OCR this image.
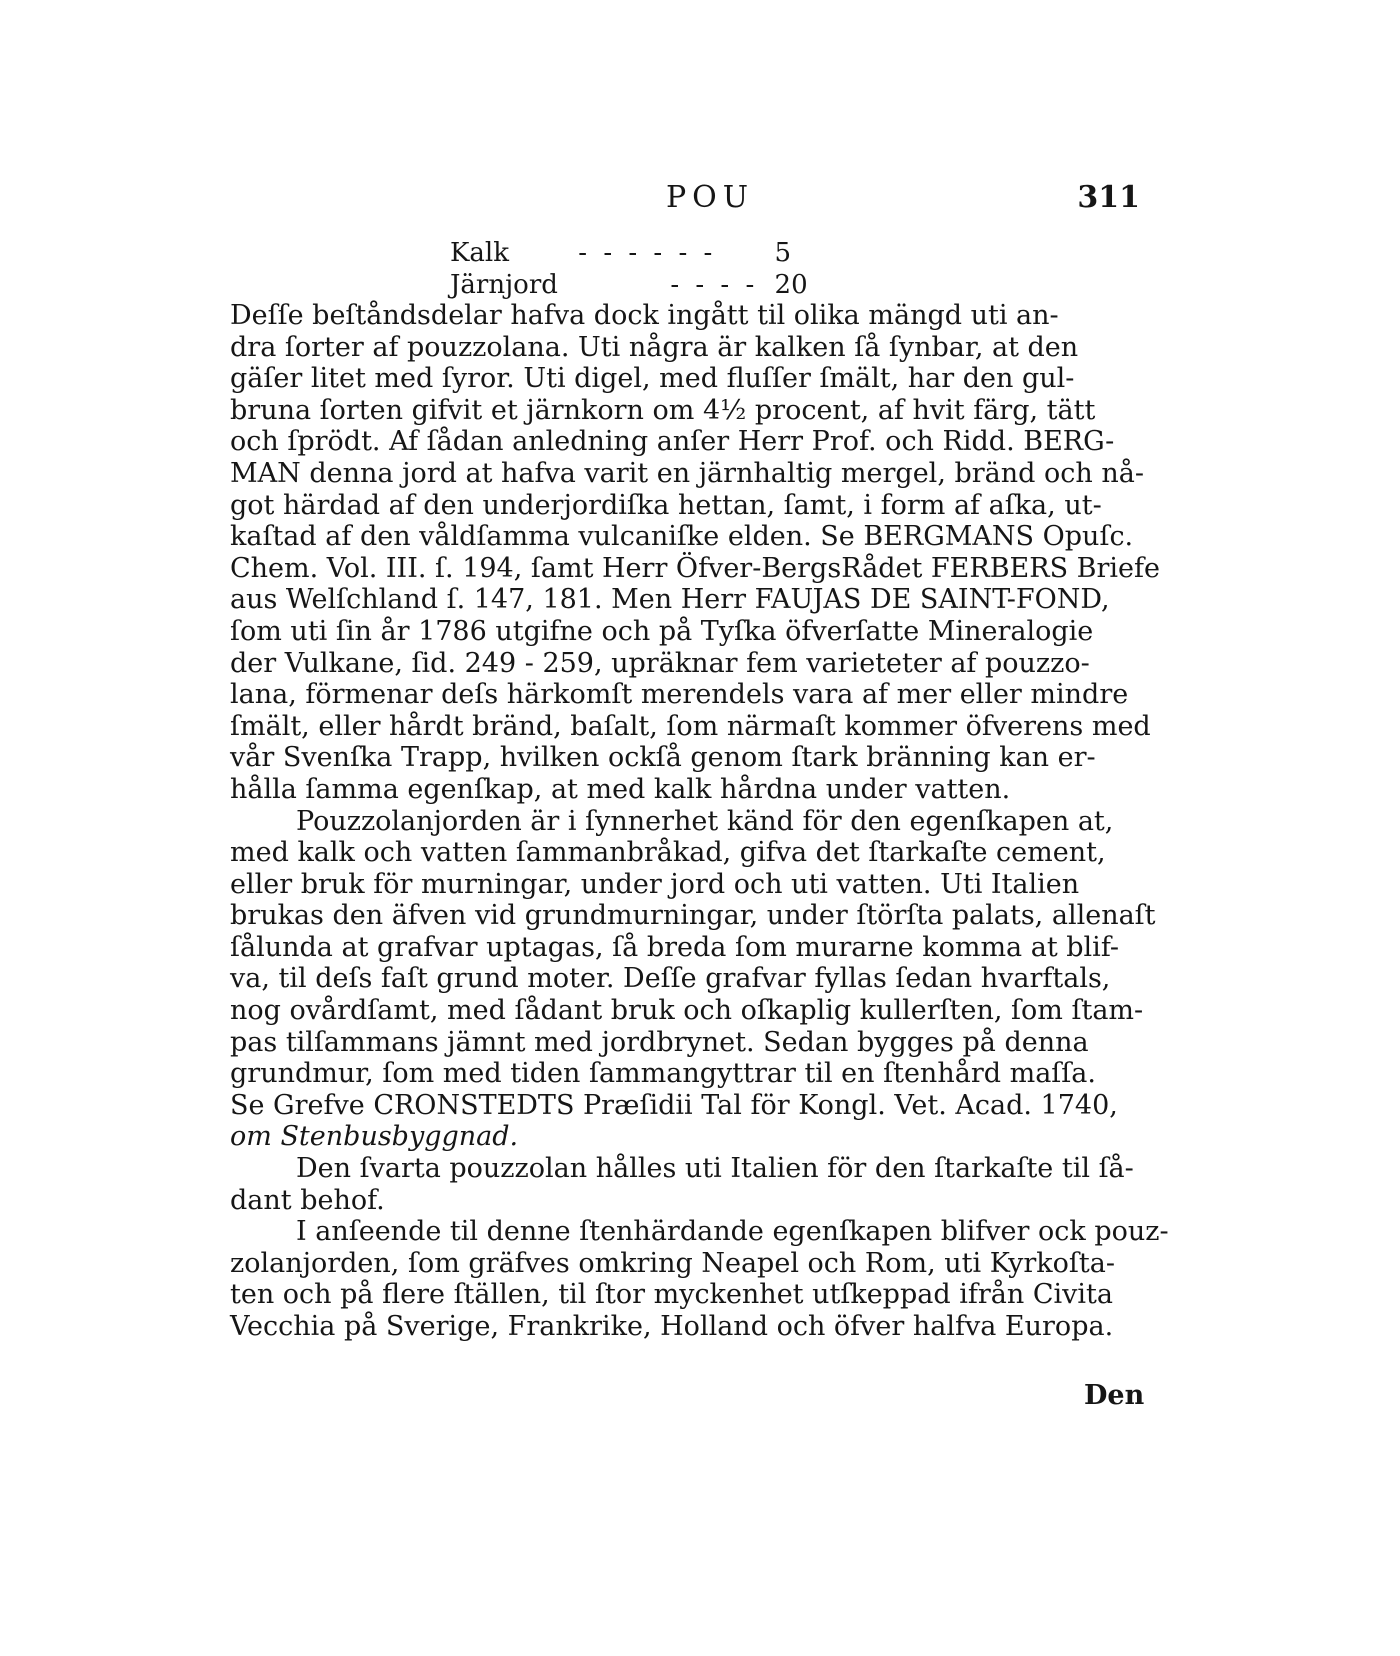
POU	311
Kalk	- - - - - - 5
Järnjord	- - - - 20
Deſſe beſtåndsdelar hafva dock ingått til olika mängd uti an-
dra ſorter af pouzzolana. Uti några är kalken ſå ſynbar, at den
gäſer litet med ſyror. Uti digel, med fluſſer ſmält, har den gul-
bruna ſorten gifvit et järnkorn om 4½ procent, af hvit färg, tätt
och ſprödt. Af ſådan anledning anſer Herr Prof. och Ridd. BERG-
MAN denna jord at hafva varit en järnhaltig mergel, bränd och nå-
got härdad af den underjordiſka hettan, ſamt, i form af aſka, ut-
kaſtad af den våldſamma vulcaniſke elden. Se BERGMANS Opuſc.
Chem. Vol. III. ſ. 194, ſamt Herr Öfver-BergsRådet FERBERS Briefe
aus Welſchland ſ. 147, 181. Men Herr FAUJAS DE SAINT-FOND,
ſom uti ſin år 1786 utgifne och på Tyſka öfverſatte Mineralogie
der Vulkane, ſid. 249 - 259, upräknar fem varieteter af pouzzo-
lana, förmenar deſs härkomſt merendels vara af mer eller mindre
ſmält, eller hårdt bränd, baſalt, ſom närmaſt kommer öfverens med
vår Svenſka Trapp, hvilken ockſå genom ſtark bränning kan er-
hålla ſamma egenſkap, at med kalk hårdna under vatten.
Pouzzolanjorden är i ſynnerhet känd för den egenſkapen at,
med kalk och vatten ſammanbråkad, gifva det ſtarkaſte cement,
eller bruk för murningar, under jord och uti vatten. Uti Italien
brukas den äfven vid grundmurningar, under ſtörſta palats, allenaſt
ſålunda at grafvar uptagas, ſå breda ſom murarne komma at blif-
va, til deſs faſt grund moter. Deſſe grafvar fyllas ſedan hvarftals,
nog ovårdſamt, med ſådant bruk och oſkaplig kullerſten, ſom ſtam-
pas tilſammans jämnt med jordbrynet. Sedan bygges på denna
grundmur, ſom med tiden ſammangyttrar til en ſtenhård maſſa.
Se Grefve CRONSTEDTS Præſidii Tal för Kongl. Vet. Acad. 1740,
om Stenbusbyggnad.
Den ſvarta pouzzolan hålles uti Italien för den ſtarkaſte til ſå-
dant behof.
I anſeende til denne ſtenhärdande egenſkapen blifver ock pouz-
zolanjorden, ſom gräfves omkring Neapel och Rom, uti Kyrkoſta-
ten och på flere ſtällen, til ſtor myckenhet utſkeppad ifrån Civita
Vecchia på Sverige, Frankrike, Holland och öfver halfva Europa.
Den
